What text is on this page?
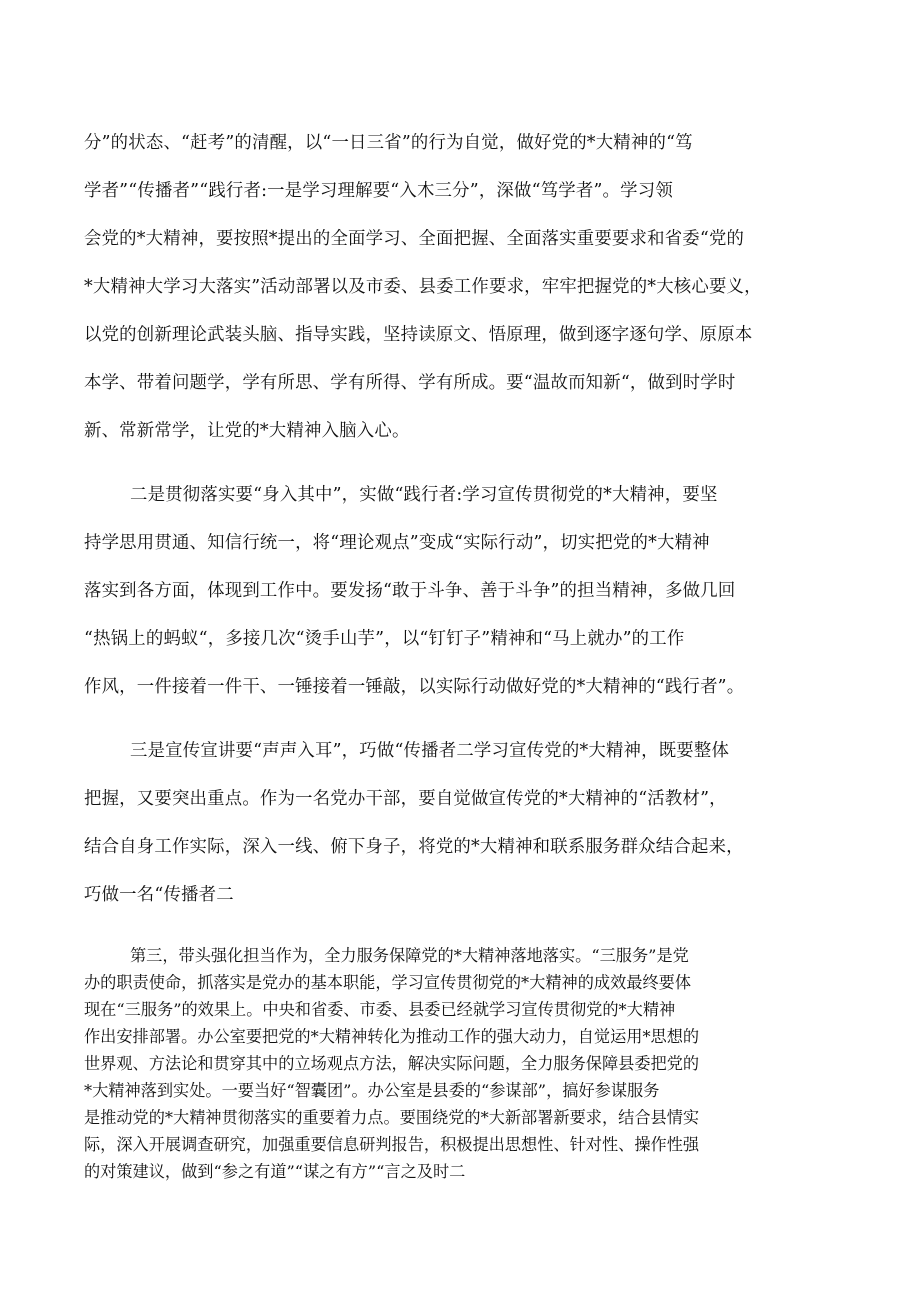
分”的状态、“赶考”的清醒，以“一日三省”的行为自觉，做好党的*大精神的“笃
学者”“传播者”“践行者:一是学习理解要“入木三分”，深做“笃学者”。学习领
会党的*大精神，要按照*提出的全面学习、全面把握、全面落实重要要求和省委“党的
*大精神大学习大落实”活动部署以及市委、县委工作要求，牢牢把握党的*大核心要义，
以党的创新理论武装头脑、指导实践，坚持读原文、悟原理，做到逐字逐句学、原原本
本学、带着问题学，学有所思、学有所得、学有所成。要“温故而知新“，做到时学时
新、常新常学，让党的*大精神入脑入心。
二是贯彻落实要“身入其中”，实做“践行者:学习宣传贯彻党的*大精神，要坚
持学思用贯通、知信行统一，将“理论观点”变成“实际行动”，切实把党的*大精神
落实到各方面，体现到工作中。要发扬“敢于斗争、善于斗争”的担当精神，多做几回
“热锅上的蚂蚁“，多接几次“烫手山芋”，以“钉钉子”精神和“马上就办”的工作
作风，一件接着一件干、一锤接着一锤敲，以实际行动做好党的*大精神的“践行者”。
三是宣传宣讲要“声声入耳”，巧做“传播者二学习宣传党的*大精神，既要整体
把握，又要突出重点。作为一名党办干部，要自觉做宣传党的*大精神的“活教材”，
结合自身工作实际，深入一线、俯下身子，将党的*大精神和联系服务群众结合起来，
巧做一名“传播者二
第三，带头强化担当作为，全力服务保障党的*大精神落地落实。“三服务”是党
办的职责使命，抓落实是党办的基本职能，学习宣传贯彻党的*大精神的成效最终要体
现在“三服务”的效果上。中央和省委、市委、县委已经就学习宣传贯彻党的*大精神
作出安排部署。办公室要把党的*大精神转化为推动工作的强大动力，自觉运用*思想的
世界观、方法论和贯穿其中的立场观点方法，解决实际问题，全力服务保障县委把党的
*大精神落到实处。一要当好“智囊团”。办公室是县委的“参谋部”，搞好参谋服务
是推动党的*大精神贯彻落实的重要着力点。要围绕党的*大新部署新要求，结合县情实
际，深入开展调查研究，加强重要信息研判报告，积极提出思想性、针对性、操作性强
的对策建议，做到“参之有道”“谋之有方”“言之及时二
